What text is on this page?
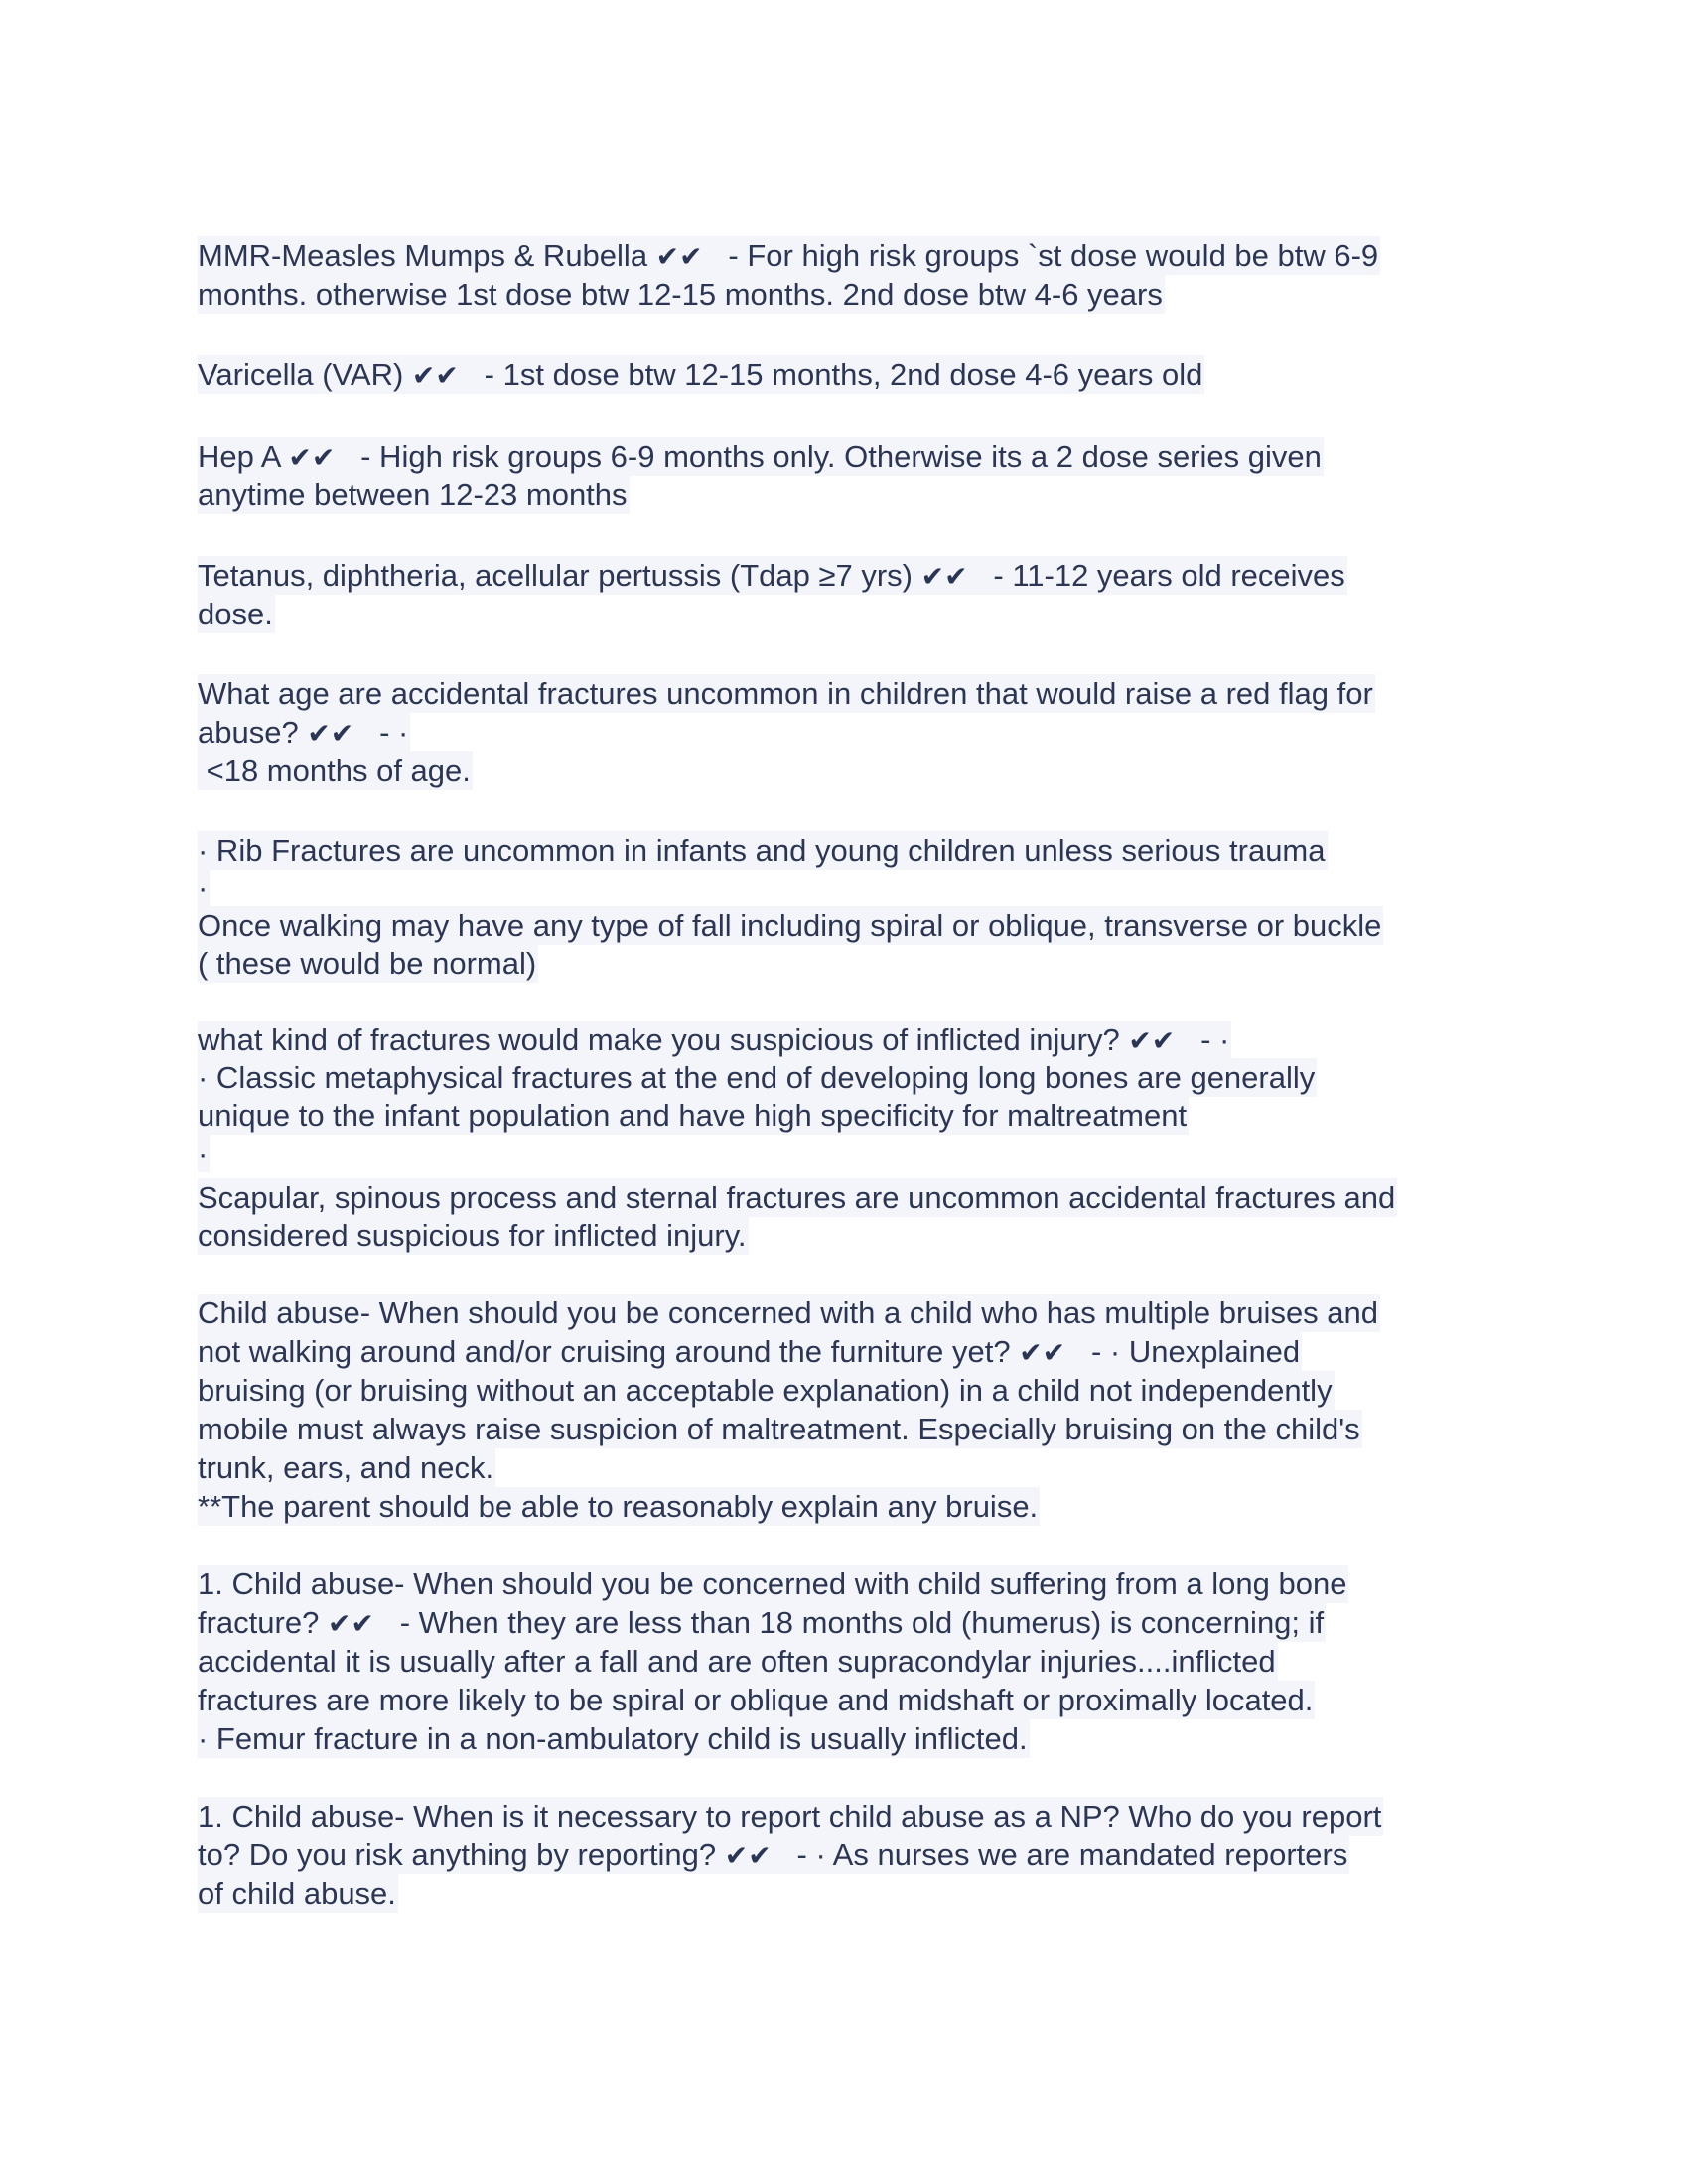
MMR-Measles Mumps & Rubella ✔✔   - For high risk groups `st dose would be btw 6-9
months. otherwise 1st dose btw 12-15 months. 2nd dose btw 4-6 years
Varicella (VAR) ✔✔   - 1st dose btw 12-15 months, 2nd dose 4-6 years old
Hep A ✔✔   - High risk groups 6-9 months only. Otherwise its a 2 dose series given
anytime between 12-23 months
Tetanus, diphtheria, acellular pertussis (Tdap ≥7 yrs) ✔✔   - 11-12 years old receives
dose.
What age are accidental fractures uncommon in children that would raise a red flag for
abuse? ✔✔   - ·
<18 months of age.
· Rib Fractures are uncommon in infants and young children unless serious trauma
·
Once walking may have any type of fall including spiral or oblique, transverse or buckle
( these would be normal)
what kind of fractures would make you suspicious of inflicted injury? ✔✔   - ·
· Classic metaphysical fractures at the end of developing long bones are generally
unique to the infant population and have high specificity for maltreatment
·
Scapular, spinous process and sternal fractures are uncommon accidental fractures and
considered suspicious for inflicted injury.
Child abuse- When should you be concerned with a child who has multiple bruises and
not walking around and/or cruising around the furniture yet? ✔✔   - · Unexplained
bruising (or bruising without an acceptable explanation) in a child not independently
mobile must always raise suspicion of maltreatment. Especially bruising on the child's
trunk, ears, and neck.
**The parent should be able to reasonably explain any bruise.
1. Child abuse- When should you be concerned with child suffering from a long bone
fracture? ✔✔   - When they are less than 18 months old (humerus) is concerning; if
accidental it is usually after a fall and are often supracondylar injuries....inflicted
fractures are more likely to be spiral or oblique and midshaft or proximally located.
· Femur fracture in a non-ambulatory child is usually inflicted.
1. Child abuse- When is it necessary to report child abuse as a NP? Who do you report
to? Do you risk anything by reporting? ✔✔   - · As nurses we are mandated reporters
of child abuse.
